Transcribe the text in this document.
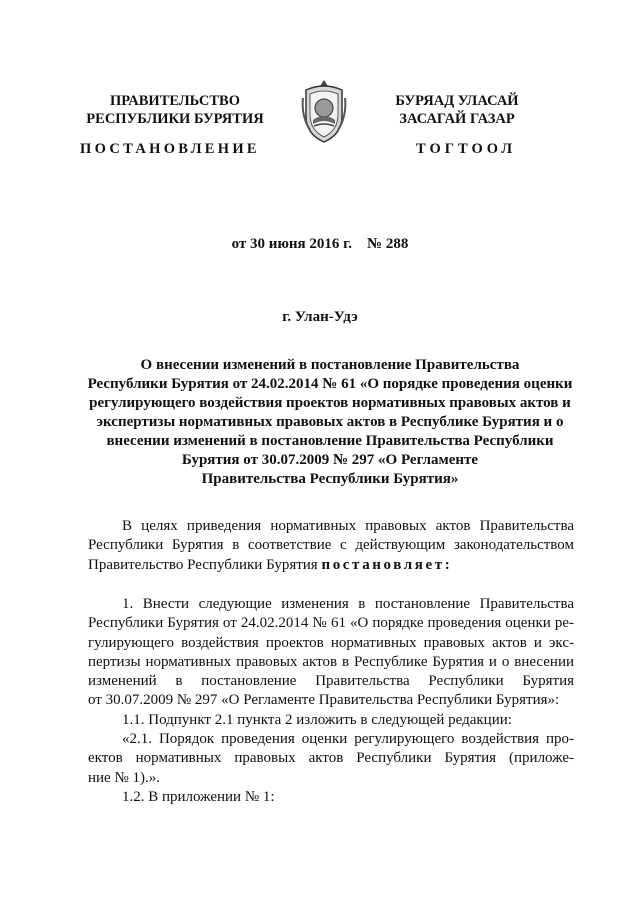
ПРАВИТЕЛЬСТВО
РЕСПУБЛИКИ БУРЯТИЯ
ПОСТАНОВЛЕНИЕ
БУРЯАД УЛАСАЙ
ЗАСАГАЙ ГАЗАР
ТОГТООЛ
от 30 июня 2016 г. № 288
г. Улан-Удэ
О внесении изменений в постановление Правительства
Республики Бурятия от 24.02.2014 № 61 «О порядке проведения оценки
регулирующего воздействия проектов нормативных правовых актов и
экспертизы нормативных правовых актов в Республике Бурятия и о
внесении изменений в постановление Правительства Республики
Бурятия от 30.07.2009 № 297 «О Регламенте
Правительства Республики Бурятия»
В целях приведения нормативных правовых актов Правительства
Республики Бурятия в соответствие с действующим законодательством
Правительство Республики Бурятия постановляет:
1. Внести следующие изменения в постановление Правительства
Республики Бурятия от 24.02.2014 № 61 «О порядке проведения оценки ре-
гулирующего воздействия проектов нормативных правовых актов и экс-
пертизы нормативных правовых актов в Республике Бурятия и о внесении
изменений в постановление Правительства Республики Бурятия
от 30.07.2009 № 297 «О Регламенте Правительства Республики Бурятия»:
1.1. Подпункт 2.1 пункта 2 изложить в следующей редакции:
«2.1. Порядок проведения оценки регулирующего воздействия про-
ектов нормативных правовых актов Республики Бурятия (приложе-
ние № 1).».
1.2. В приложении № 1:
